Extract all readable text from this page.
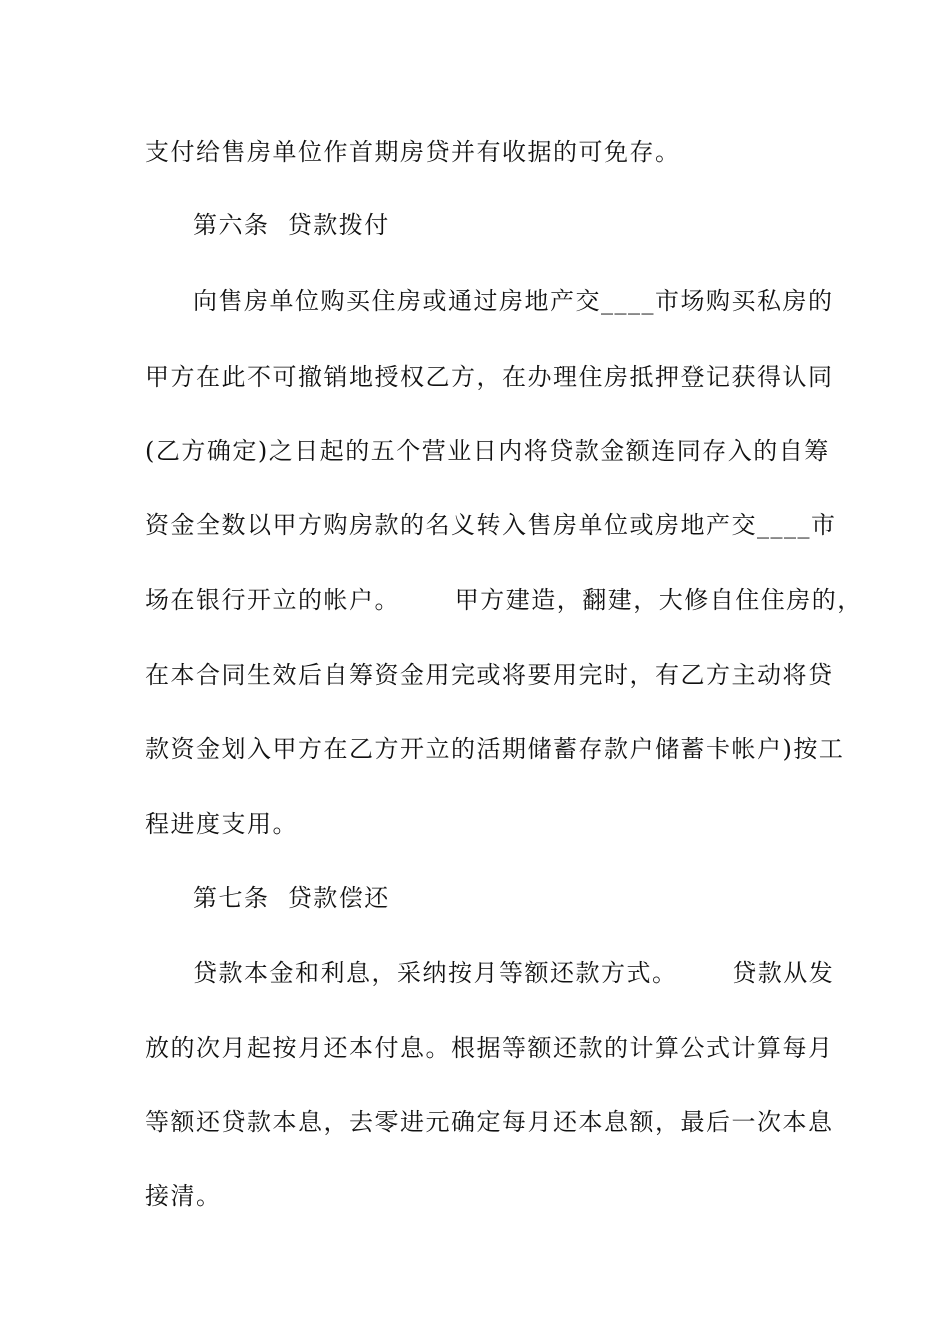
支付给售房单位作首期房贷并有收据的可免存。
第六条  贷款拨付
向售房单位购买住房或通过房地产交____市场购买私房的
甲方在此不可撤销地授权乙方，在办理住房抵押登记获得认同
(乙方确定)之日起的五个营业日内将贷款金额连同存入的自筹
资金全数以甲方购房款的名义转入售房单位或房地产交____市
场在银行开立的帐户。      甲方建造，翻建，大修自住住房的，
在本合同生效后自筹资金用完或将要用完时，有乙方主动将贷
款资金划入甲方在乙方开立的活期储蓄存款户储蓄卡帐户)按工
程进度支用。
第七条  贷款偿还
贷款本金和利息，采纳按月等额还款方式。      贷款从发
放的次月起按月还本付息。根据等额还款的计算公式计算每月
等额还贷款本息，去零进元确定每月还本息额，最后一次本息
接清。
